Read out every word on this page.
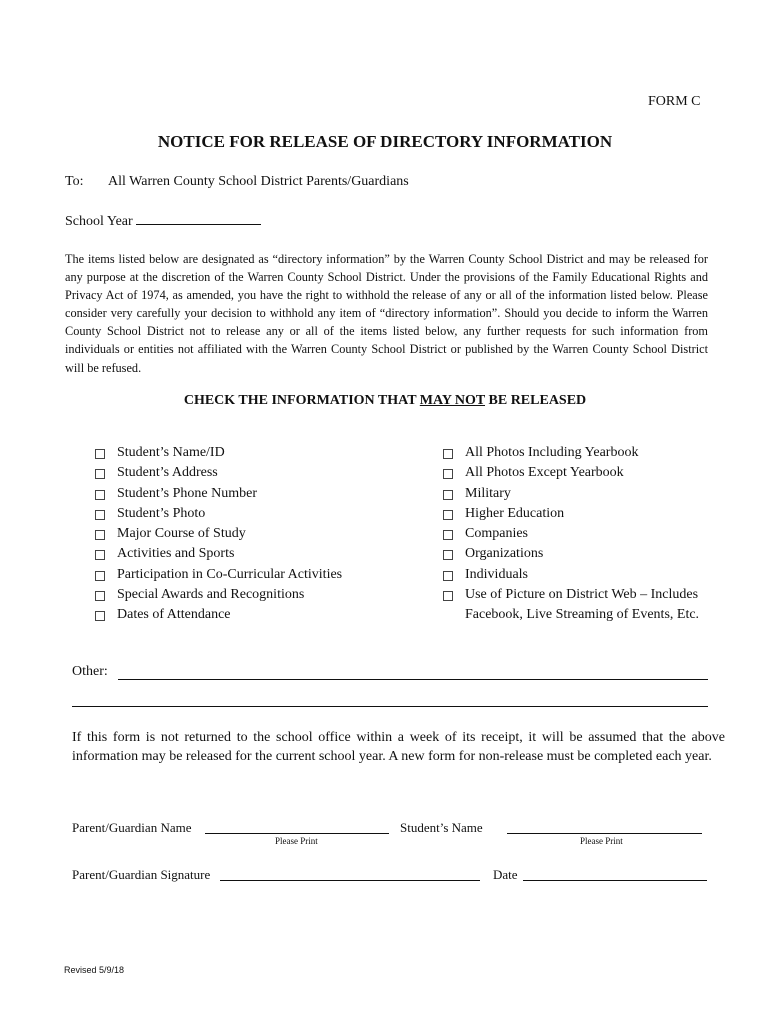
FORM C
NOTICE FOR RELEASE OF DIRECTORY INFORMATION
To: All Warren County School District Parents/Guardians
School Year
The items listed below are designated as “directory information” by the Warren County School District and may be released for any purpose at the discretion of the Warren County School District. Under the provisions of the Family Educational Rights and Privacy Act of 1974, as amended, you have the right to withhold the release of any or all of the information listed below. Please consider very carefully your decision to withhold any item of “directory information”. Should you decide to inform the Warren County School District not to release any or all of the items listed below, any further requests for such information from individuals or entities not affiliated with the Warren County School District or published by the Warren County School District will be refused.
CHECK THE INFORMATION THAT MAY NOT BE RELEASED
Student’s Name/ID
Student’s Address
Student’s Phone Number
Student’s Photo
Major Course of Study
Activities and Sports
Participation in Co-Curricular Activities
Special Awards and Recognitions
Dates of Attendance
All Photos Including Yearbook
All Photos Except Yearbook
Military
Higher Education
Companies
Organizations
Individuals
Use of Picture on District Web – Includes Facebook, Live Streaming of Events, Etc.
Other:
If this form is not returned to the school office within a week of its receipt, it will be assumed that the above information may be released for the current school year. A new form for non-release must be completed each year.
Parent/Guardian Name
Please Print
Student’s Name
Please Print
Parent/Guardian Signature	Date
Revised 5/9/18
